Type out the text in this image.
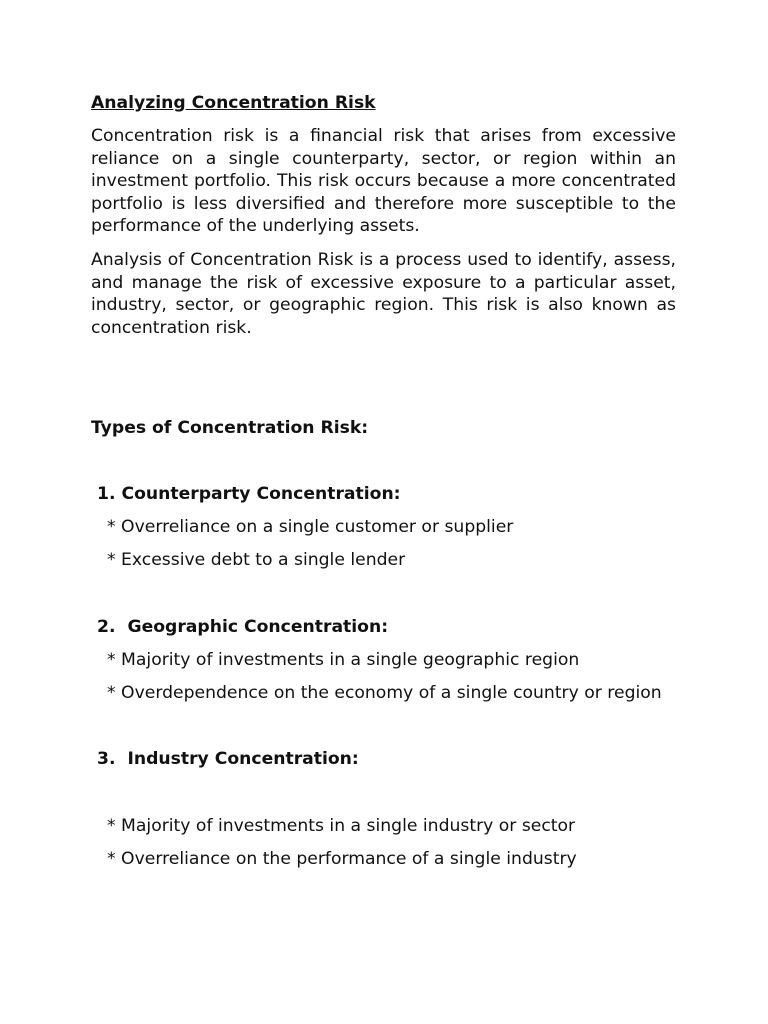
Analyzing Concentration Risk

Concentration risk is a financial risk that arises from excessive reliance on a single counterparty, sector, or region within an investment portfolio. This risk occurs because a more concentrated portfolio is less diversified and therefore more susceptible to the performance of the underlying assets.

Analysis of Concentration Risk is a process used to identify, assess, and manage the risk of excessive exposure to a particular asset, industry, sector, or geographic region. This risk is also known as concentration risk.

Types of Concentration Risk:

1. Counterparty Concentration:

* Overreliance on a single customer or supplier

* Excessive debt to a single lender

2.  Geographic Concentration:

* Majority of investments in a single geographic region

* Overdependence on the economy of a single country or region

3.  Industry Concentration:

* Majority of investments in a single industry or sector

* Overreliance on the performance of a single industry
